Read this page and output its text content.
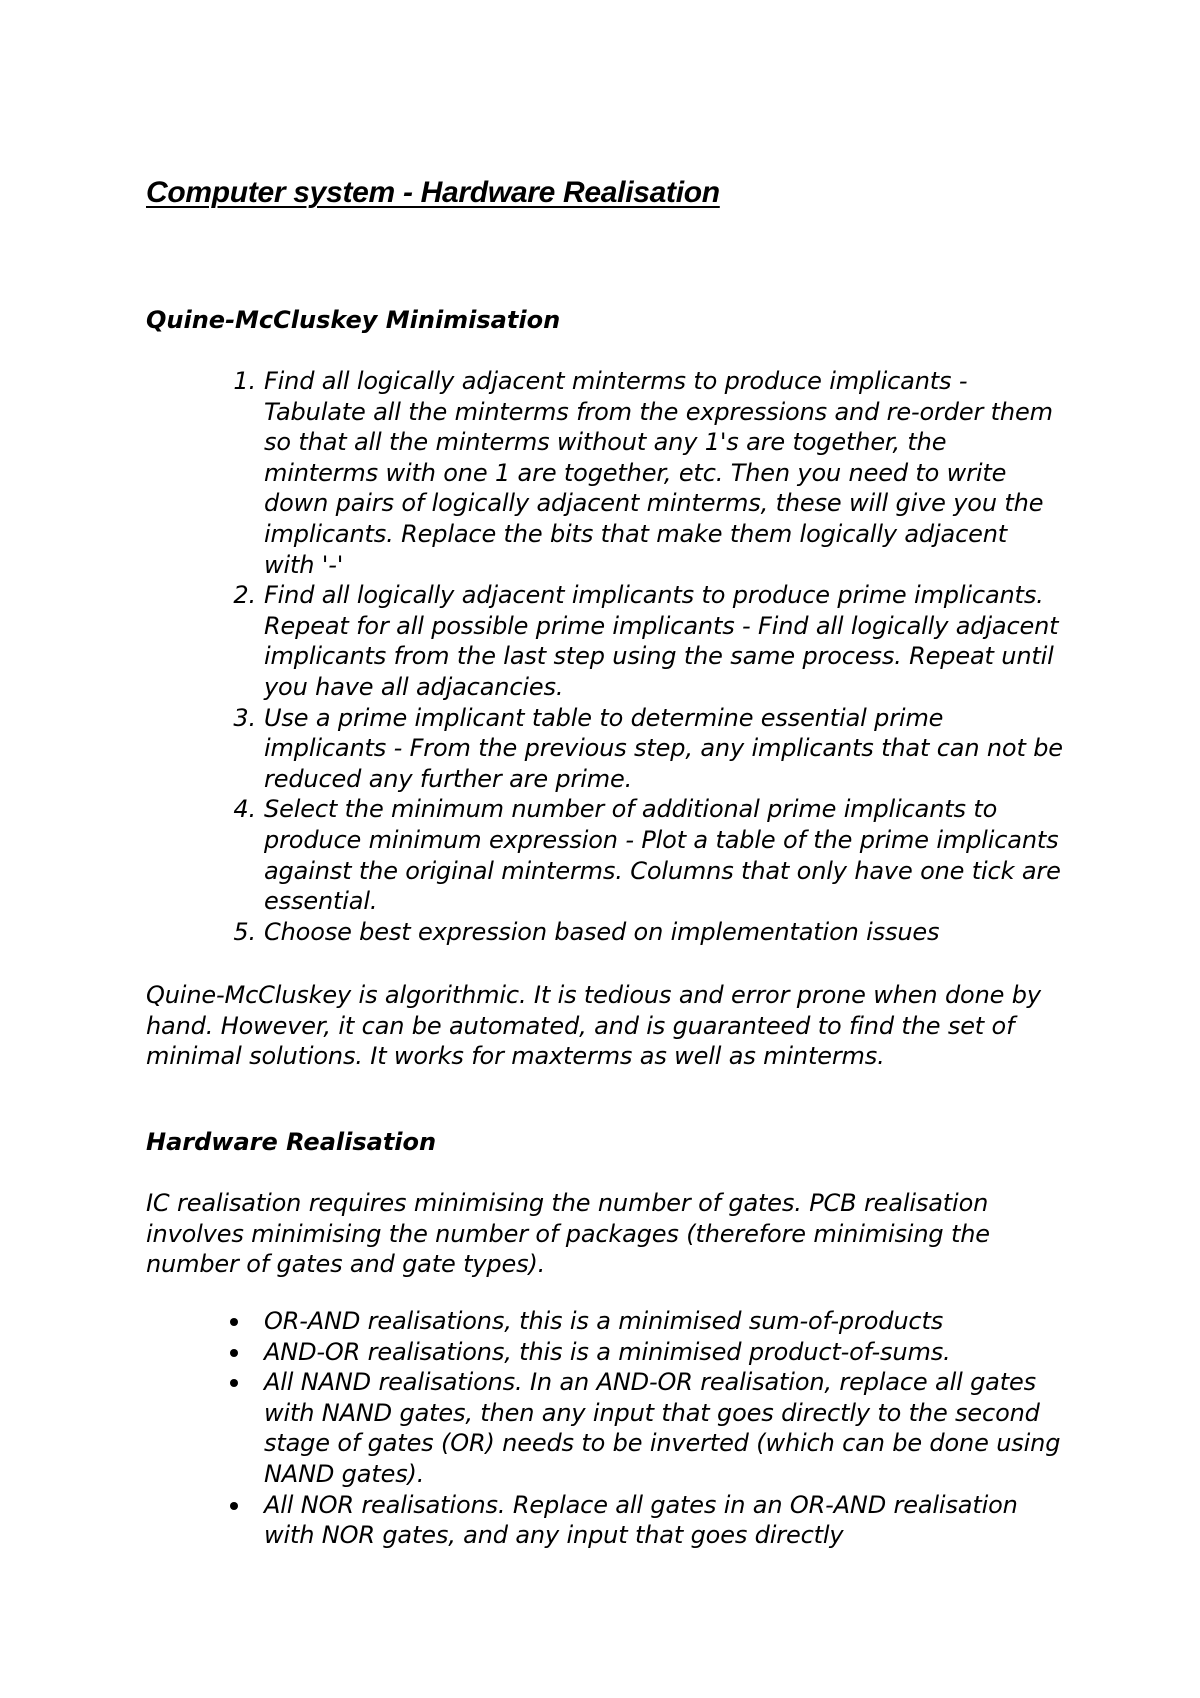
Computer system - Hardware Realisation
Quine-McCluskey Minimisation
1. Find all logically adjacent minterms to produce implicants - Tabulate all the minterms from the expressions and re-order them so that all the minterms without any 1's are together, the minterms with one 1 are together, etc. Then you need to write down pairs of logically adjacent minterms, these will give you the implicants. Replace the bits that make them logically adjacent with '-'
2. Find all logically adjacent implicants to produce prime implicants. Repeat for all possible prime implicants - Find all logically adjacent implicants from the last step using the same process. Repeat until you have all adjacancies.
3. Use a prime implicant table to determine essential prime implicants - From the previous step, any implicants that can not be reduced any further are prime.
4. Select the minimum number of additional prime implicants to produce minimum expression - Plot a table of the prime implicants against the original minterms. Columns that only have one tick are essential.
5. Choose best expression based on implementation issues

Quine-McCluskey is algorithmic. It is tedious and error prone when done by hand. However, it can be automated, and is guaranteed to find the set of minimal solutions. It works for maxterms as well as minterms.

Hardware Realisation

IC realisation requires minimising the number of gates. PCB realisation involves minimising the number of packages (therefore minimising the number of gates and gate types).

OR-AND realisations, this is a minimised sum-of-products
AND-OR realisations, this is a minimised product-of-sums.
All NAND realisations. In an AND-OR realisation, replace all gates with NAND gates, then any input that goes directly to the second stage of gates (OR) needs to be inverted (which can be done using NAND gates).
All NOR realisations. Replace all gates in an OR-AND realisation with NOR gates, and any input that goes directly
